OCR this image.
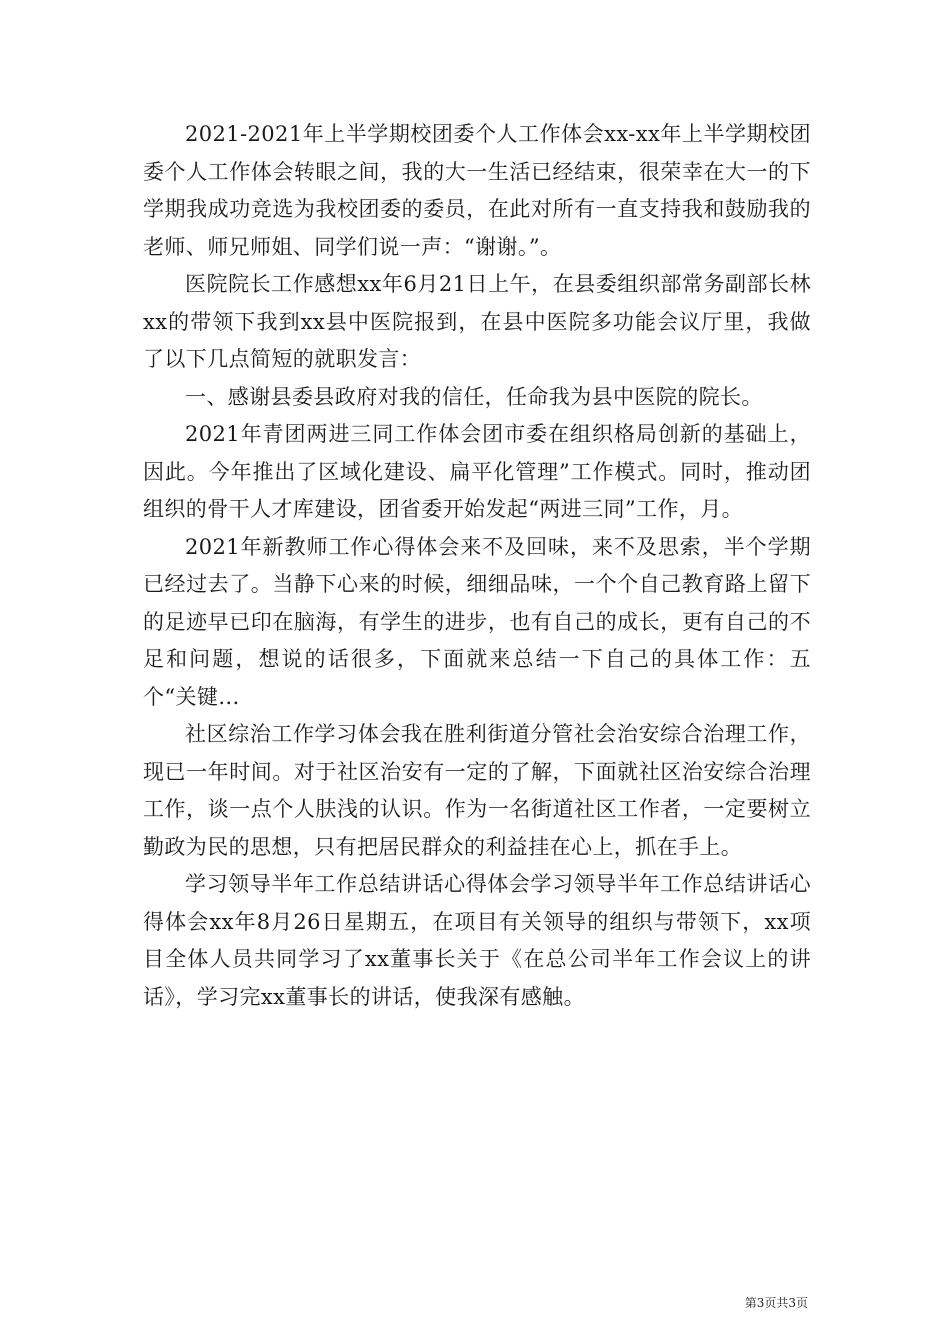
2021-2021年上半学期校团委个人工作体会xx-xx年上半学期校团委个人工作体会转眼之间，我的大一生活已经结束，很荣幸在大一的下学期我成功竞选为我校团委的委员，在此对所有一直支持我和鼓励我的老师、师兄师姐、同学们说一声：“谢谢。”。

医院院长工作感想xx年6月21日上午，在县委组织部常务副部长林xx的带领下我到xx县中医院报到，在县中医院多功能会议厅里，我做了以下几点简短的就职发言：

一、感谢县委县政府对我的信任，任命我为县中医院的院长。

2021年青团两进三同工作体会团市委在组织格局创新的基础上，因此。今年推出了区域化建设、扁平化管理”工作模式。同时，推动团组织的骨干人才库建设，团省委开始发起“两进三同”工作，月。

2021年新教师工作心得体会来不及回味，来不及思索，半个学期已经过去了。当静下心来的时候，细细品味，一个个自己教育路上留下的足迹早已印在脑海，有学生的进步，也有自己的成长，更有自己的不足和问题，想说的话很多，下面就来总结一下自己的具体工作：五个“关键...

社区综治工作学习体会我在胜利街道分管社会治安综合治理工作，现已一年时间。对于社区治安有一定的了解，下面就社区治安综合治理工作，谈一点个人肤浅的认识。作为一名街道社区工作者，一定要树立勤政为民的思想，只有把居民群众的利益挂在心上，抓在手上。

学习领导半年工作总结讲话心得体会学习领导半年工作总结讲话心得体会xx年8月26日星期五，在项目有关领导的组织与带领下，xx项目全体人员共同学习了xx董事长关于《在总公司半年工作会议上的讲话》，学习完xx董事长的讲话，使我深有感触。

第3页共3页
